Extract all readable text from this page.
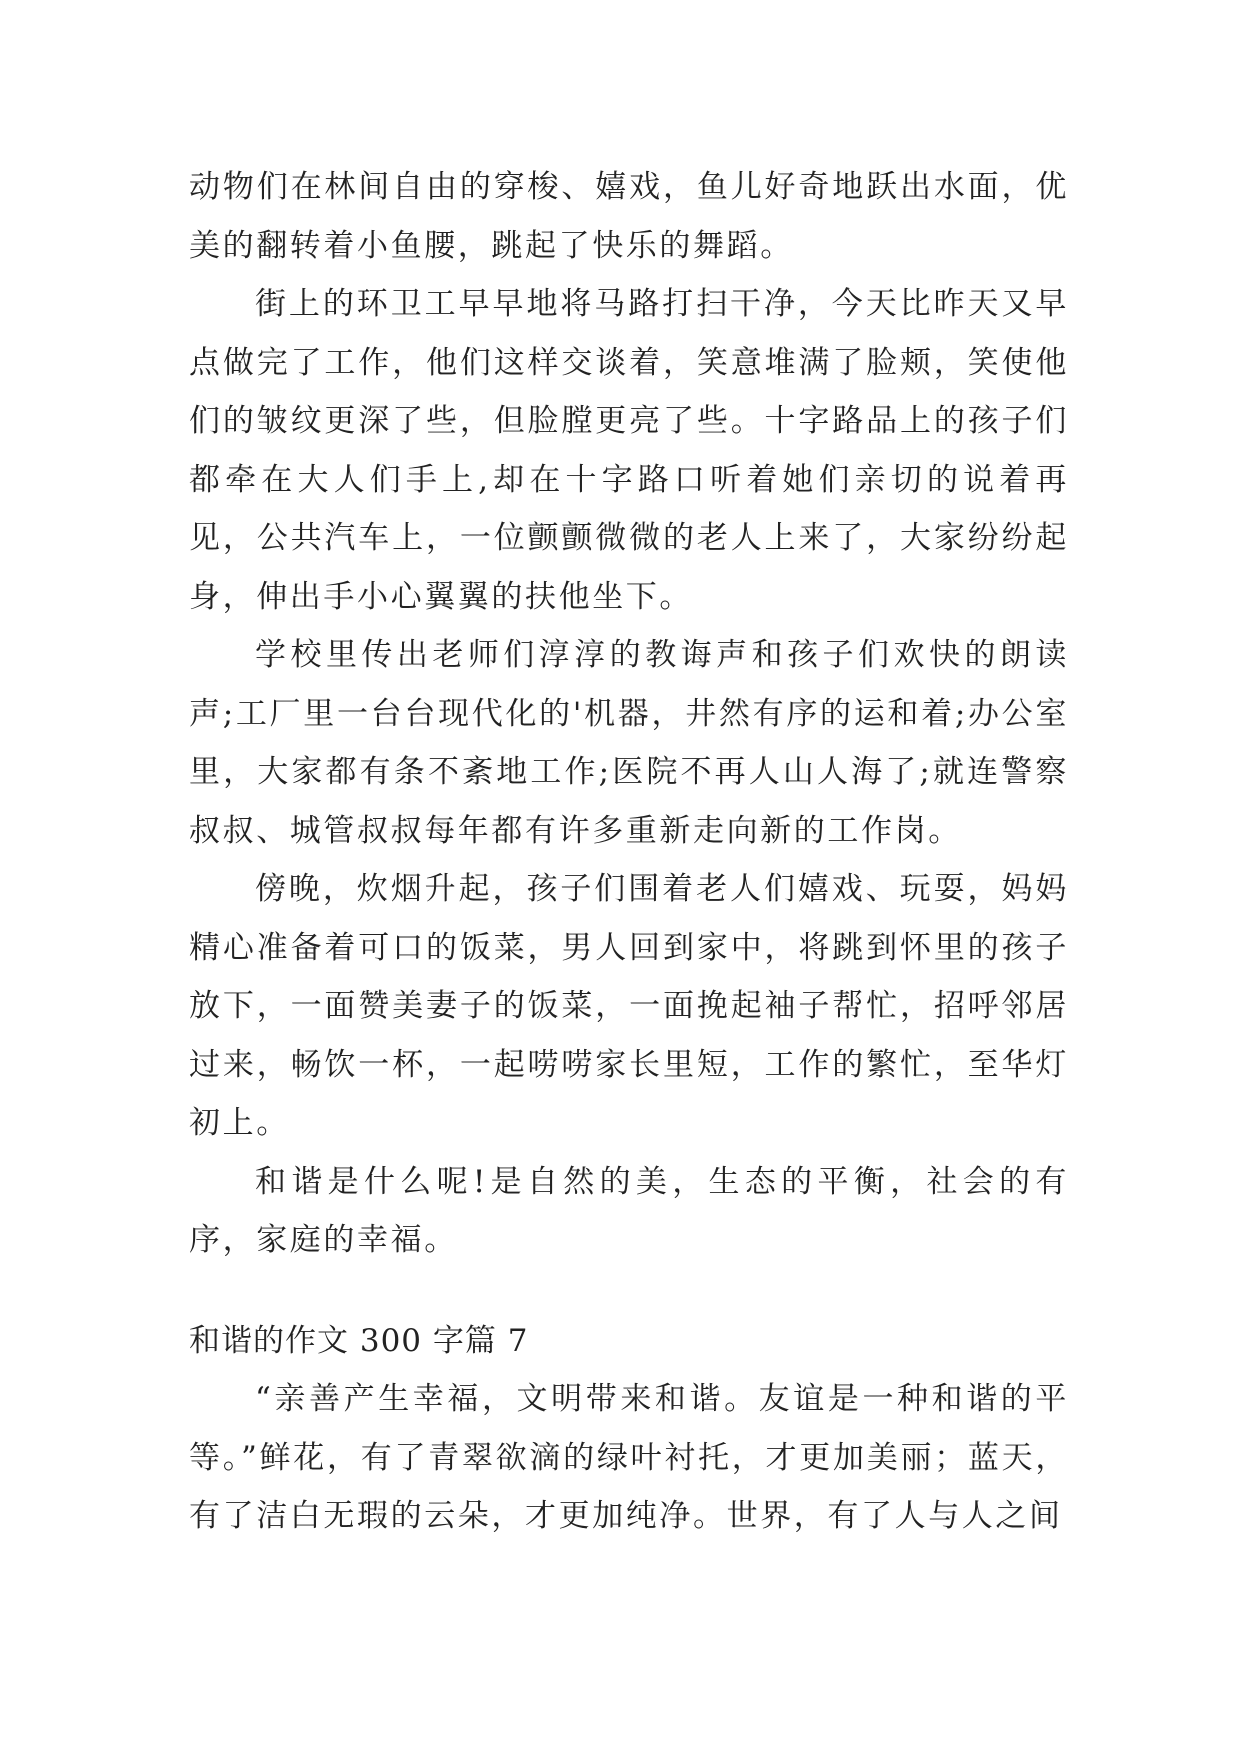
动物们在林间自由的穿梭、嬉戏，鱼儿好奇地跃出水面，优美的翻转着小鱼腰，跳起了快乐的舞蹈。

街上的环卫工早早地将马路打扫干净，今天比昨天又早点做完了工作，他们这样交谈着，笑意堆满了脸颊，笑使他们的皱纹更深了些，但脸膛更亮了些。十字路品上的孩子们都牵在大人们手上,却在十字路口听着她们亲切的说着再见，公共汽车上，一位颤颤微微的老人上来了，大家纷纷起身，伸出手小心翼翼的扶他坐下。

学校里传出老师们淳淳的教诲声和孩子们欢快的朗读声;工厂里一台台现代化的'机器，井然有序的运和着;办公室里，大家都有条不紊地工作;医院不再人山人海了;就连警察叔叔、城管叔叔每年都有许多重新走向新的工作岗。

傍晚，炊烟升起，孩子们围着老人们嬉戏、玩耍，妈妈精心准备着可口的饭菜，男人回到家中，将跳到怀里的孩子放下，一面赞美妻子的饭菜，一面挽起袖子帮忙，招呼邻居过来，畅饮一杯，一起唠唠家长里短，工作的繁忙，至华灯初上。

和谐是什么呢!是自然的美，生态的平衡，社会的有序，家庭的幸福。

和谐的作文 300 字篇 7

“亲善产生幸福，文明带来和谐。友谊是一种和谐的平等。”鲜花，有了青翠欲滴的绿叶衬托，才更加美丽；蓝天，有了洁白无瑕的云朵，才更加纯净。世界，有了人与人之间
